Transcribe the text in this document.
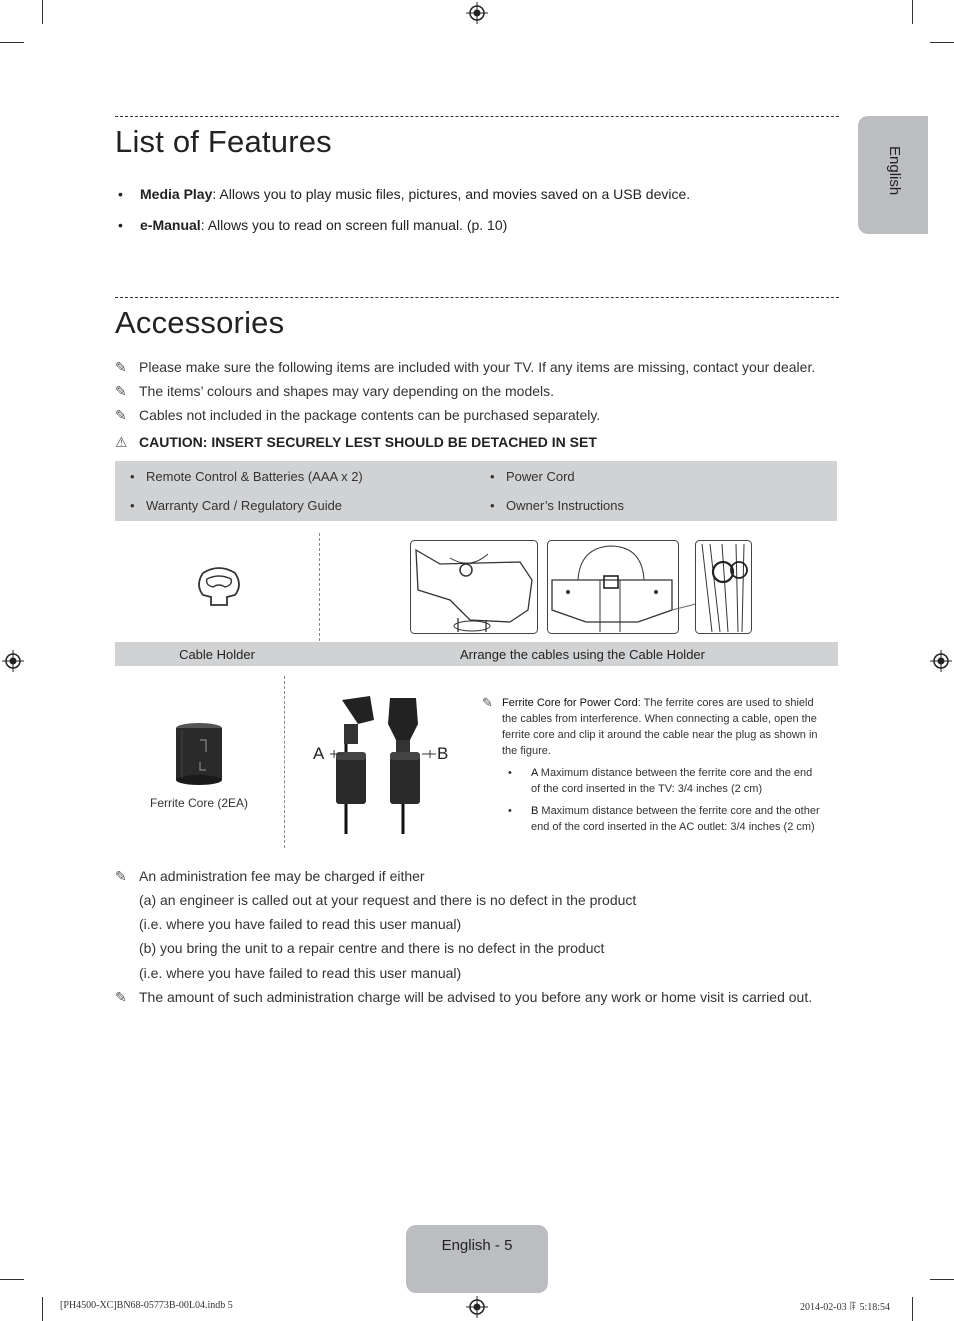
English
List of Features
• Media Play: Allows you to play music files, pictures, and movies saved on a USB device.
• e-Manual: Allows you to read on screen full manual. (p. 10)
Accessories
✎ Please make sure the following items are included with your TV. If any items are missing, contact your dealer.
✎ The items’ colours and shapes may vary depending on the models.
✎ Cables not included in the package contents can be purchased separately.
⚠ CAUTION: INSERT SECURELY LEST SHOULD BE DETACHED IN SET
• Remote Control & Batteries (AAA x 2)	• Power Cord
• Warranty Card / Regulatory Guide	• Owner’s Instructions
Cable Holder	Arrange the cables using the Cable Holder
Ferrite Core (2EA)
A	B
✎ Ferrite Core for Power Cord: The ferrite cores are used to shield the cables from interference. When connecting a cable, open the ferrite core and clip it around the cable near the plug as shown in the figure.
• A Maximum distance between the ferrite core and the end of the cord inserted in the TV: 3/4 inches (2 cm)
• B Maximum distance between the ferrite core and the other end of the cord inserted in the AC outlet: 3/4 inches (2 cm)
✎ An administration fee may be charged if either
(a) an engineer is called out at your request and there is no defect in the product
(i.e. where you have failed to read this user manual)
(b) you bring the unit to a repair centre and there is no defect in the product
(i.e. where you have failed to read this user manual)
✎ The amount of such administration charge will be advised to you before any work or home visit is carried out.
English - 5
[PH4500-XC]BN68-05773B-00L04.indb 5	2014-02-03 ꁹ 5:18:54
